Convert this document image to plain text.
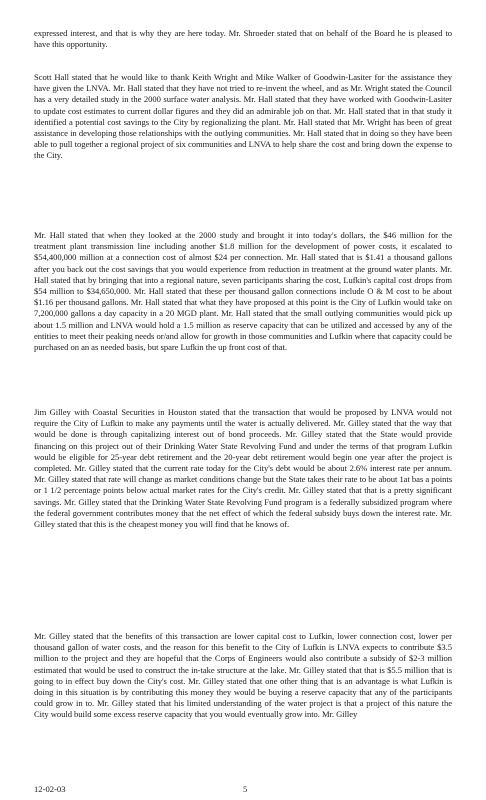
expressed interest, and that is why they are here today. Mr. Shroeder stated that on behalf of the Board he is pleased to have this opportunity.

Scott Hall stated that he would like to thank Keith Wright and Mike Walker of Goodwin-Lasiter for the assistance they have given the LNVA. Mr. Hall stated that they have not tried to re-invent the wheel, and as Mr. Wright stated the Council has a very detailed study in the 2000 surface water analysis. Mr. Hall stated that they have worked with Goodwin-Lasiter to update cost estimates to current dollar figures and they did an admirable job on that. Mr. Hall stated that in that study it identified a potential cost savings to the City by regionalizing the plant. Mr. Hall stated that Mr. Wright has been of great assistance in developing those relationships with the outlying communities. Mr. Hall stated that in doing so they have been able to pull together a regional project of six communities and LNVA to help share the cost and bring down the expense to the City.

Mr. Hall stated that when they looked at the 2000 study and brought it into today's dollars, the $46 million for the treatment plant transmission line including another $1.8 million for the development of power costs, it escalated to $54,400,000 million at a connection cost of almost $24 per connection. Mr. Hall stated that is $1.41 a thousand gallons after you back out the cost savings that you would experience from reduction in treatment at the ground water plants. Mr. Hall stated that by bringing that into a regional nature, seven participants sharing the cost, Lufkin's capital cost drops from $54 million to $34,650,000. Mr. Hall stated that these per thousand gallon connections include O & M cost to be about $1.16 per thousand gallons. Mr. Hall stated that what they have proposed at this point is the City of Lufkin would take on 7,200,000 gallons a day capacity in a 20 MGD plant. Mr. Hall stated that the small outlying communities would pick up about 1.5 million and LNVA would hold a 1.5 million as reserve capacity that can be utilized and accessed by any of the entities to meet their peaking needs or/and allow for growth in those communities and Lufkin where that capacity could be purchased on an as needed basis, but spare Lufkin the up front cost of that.

Jim Gilley with Coastal Securities in Houston stated that the transaction that would be proposed by LNVA would not require the City of Lufkin to make any payments until the water is actually delivered. Mr. Gilley stated that the way that would be done is through capitalizing interest out of bond proceeds. Mr. Gilley stated that the State would provide financing on this project out of their Drinking Water State Revolving Fund and under the terms of that program Lufkin would be eligible for 25-year debt retirement and the 20-year debt retirement would begin one year after the project is completed. Mr. Gilley stated that the current rate today for the City's debt would be about 2.6% interest rate per annum. Mr. Gilley stated that rate will change as market conditions change but the State takes their rate to be about 1at bas a points or 1 1/2 percentage points below actual market rates for the City's credit. Mr. Gilley stated that that is a pretty significant savings. Mr. Gilley stated that the Drinking Water State Revolving Fund program is a federally subsidized program where the federal government contributes money that the net effect of which the federal subsidy buys down the interest rate. Mr. Gilley stated that this is the cheapest money you will find that he knows of.

Mr. Gilley stated that the benefits of this transaction are lower capital cost to Lufkin, lower connection cost, lower per thousand gallon of water costs, and the reason for this benefit to the City of Lufkin is LNVA expects to contribute $3.5 million to the project and they are hopeful that the Corps of Engineers would also contribute a subsidy of $2-3 million estimated that would be used to construct the in-take structure at the lake. Mr. Gilley stated that that is $5.5 million that is going to in effect buy down the City's cost. Mr. Gilley stated that one other thing that is an advantage is what Lufkin is doing in this situation is by contributing this money they would be buying a reserve capacity that any of the participants could grow in to. Mr. Gilley stated that his limited understanding of the water project is that a project of this nature the City would build some excess reserve capacity that you would eventually grow into. Mr. Gilley

12-02-03	5
